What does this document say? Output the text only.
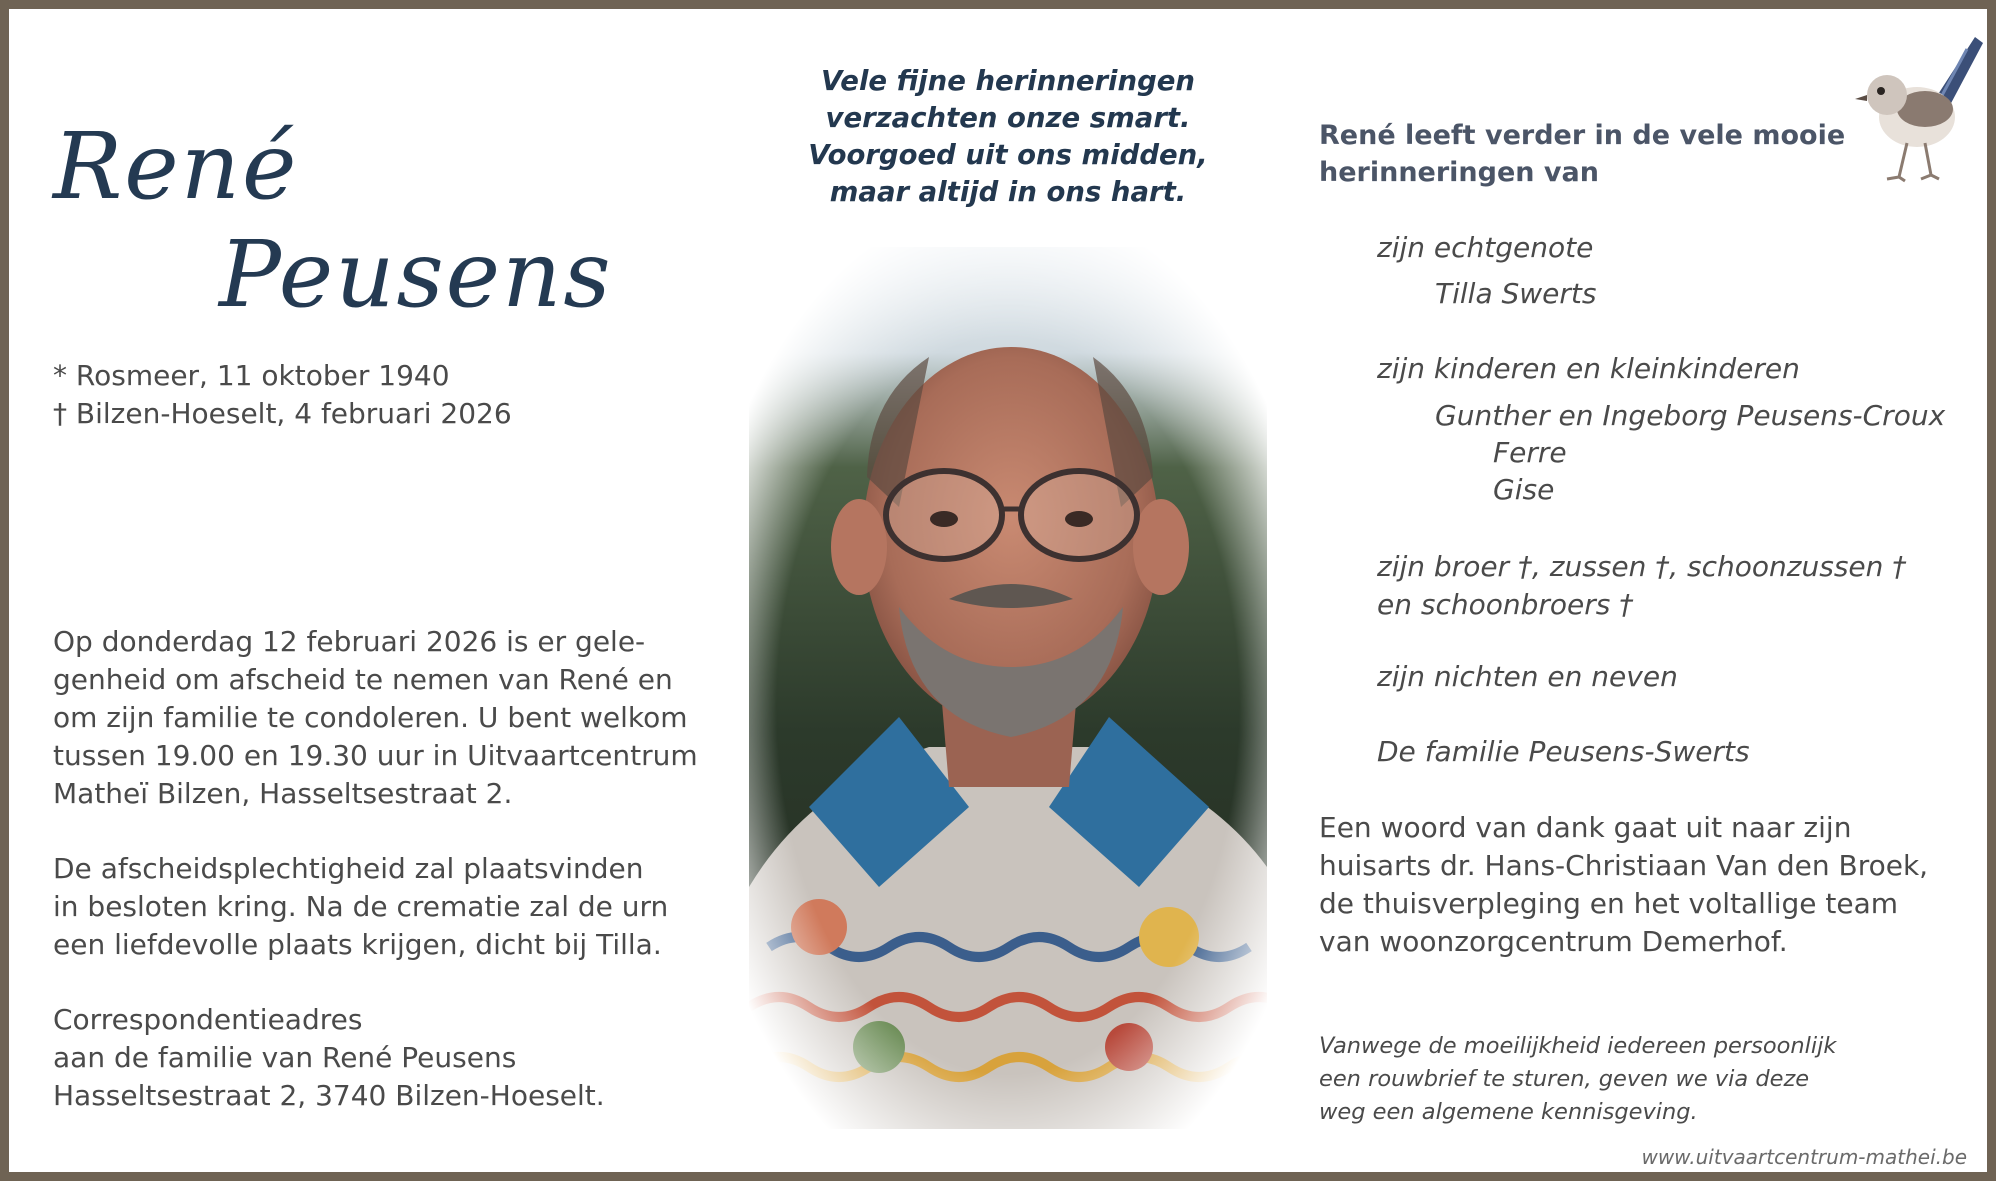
René
Peusens
* Rosmeer, 11 oktober 1940
† Bilzen-Hoeselt, 4 februari 2026

Op donderdag 12 februari 2026 is er gele-
genheid om afscheid te nemen van René en
om zijn familie te condoleren. U bent welkom
tussen 19.00 en 19.30 uur in Uitvaartcentrum
Matheï Bilzen, Hasseltsestraat 2.

De afscheidsplechtigheid zal plaatsvinden
in besloten kring. Na de crematie zal de urn
een liefdevolle plaats krijgen, dicht bij Tilla.

Correspondentieadres
aan de familie van René Peusens
Hasseltsestraat 2, 3740 Bilzen-Hoeselt.

Vele fijne herinneringen
verzachten onze smart.
Voorgoed uit ons midden,
maar altijd in ons hart.
René leeft verder in de vele mooie
herinneringen van
zijn echtgenote
Tilla Swerts
zijn kinderen en kleinkinderen
Gunther en Ingeborg Peusens-Croux
Ferre
Gise
zijn broer †, zussen †, schoonzussen †
en schoonbroers †
zijn nichten en neven
De familie Peusens-Swerts
Een woord van dank gaat uit naar zijn
huisarts dr. Hans-Christiaan Van den Broek,
de thuisverpleging en het voltallige team
van woonzorgcentrum Demerhof.
Vanwege de moeilijkheid iedereen persoonlijk
een rouwbrief te sturen, geven we via deze
weg een algemene kennisgeving.
www.uitvaartcentrum-mathei.be
